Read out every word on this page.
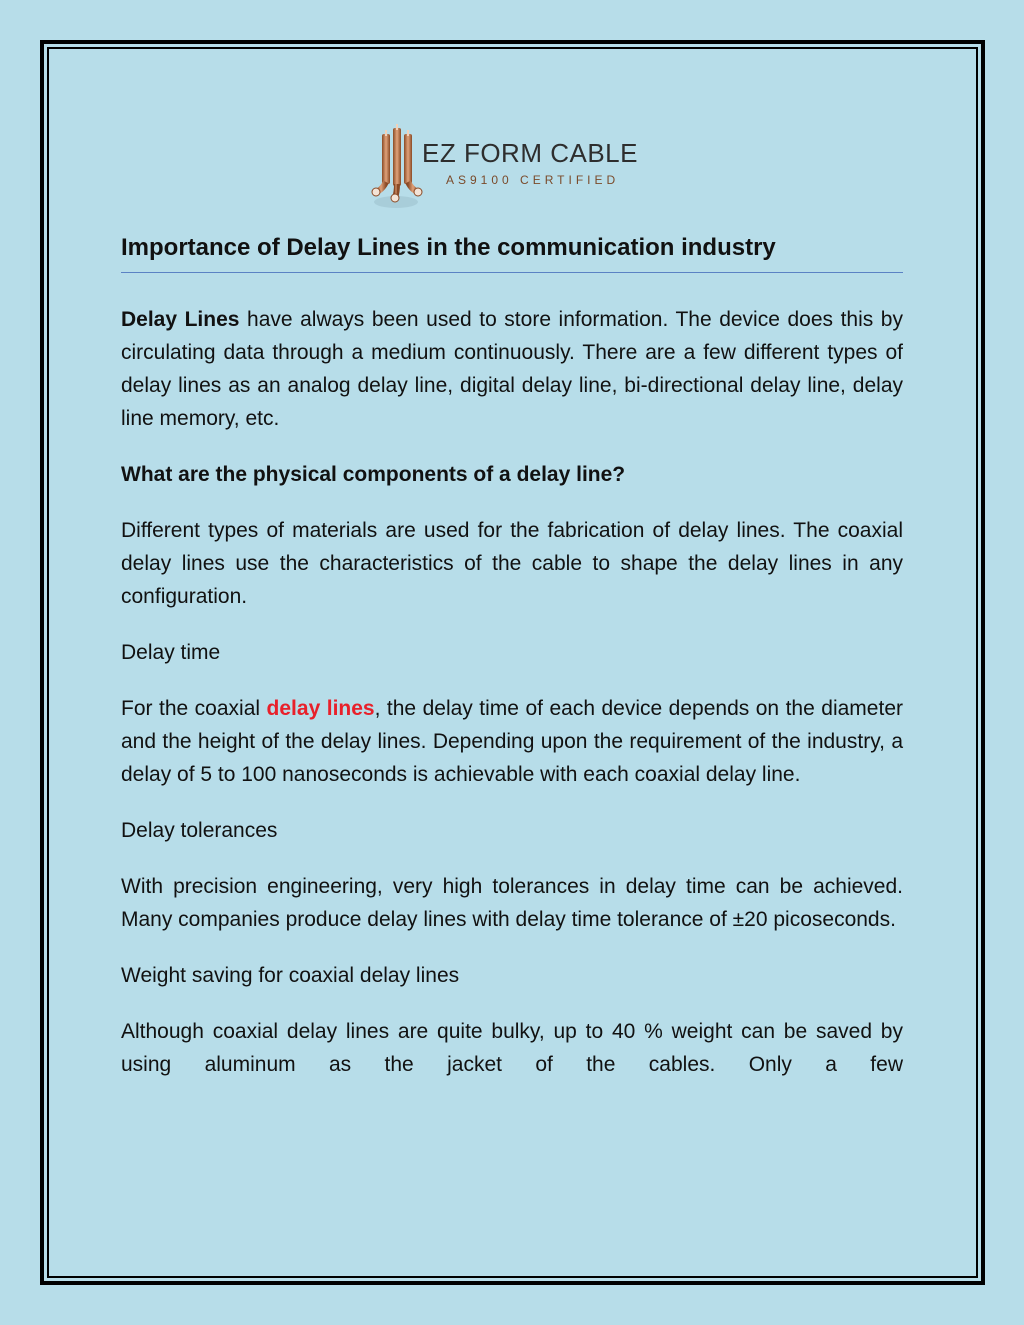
EZ FORM CABLE
AS9100 CERTIFIED
Importance of Delay Lines in the communication industry

Delay Lines have always been used to store information. The device does this by circulating data through a medium continuously. There are a few different types of delay lines as an analog delay line, digital delay line, bi-directional delay line, delay line memory, etc.

What are the physical components of a delay line?

Different types of materials are used for the fabrication of delay lines. The coaxial delay lines use the characteristics of the cable to shape the delay lines in any configuration.

Delay time

For the coaxial delay lines, the delay time of each device depends on the diameter and the height of the delay lines. Depending upon the requirement of the industry, a delay of 5 to 100 nanoseconds is achievable with each coaxial delay line.

Delay tolerances

With precision engineering, very high tolerances in delay time can be achieved. Many companies produce delay lines with delay time tolerance of ±20 picoseconds.

Weight saving for coaxial delay lines

Although coaxial delay lines are quite bulky, up to 40 % weight can be saved by using aluminum as the jacket of the cables. Only a few
